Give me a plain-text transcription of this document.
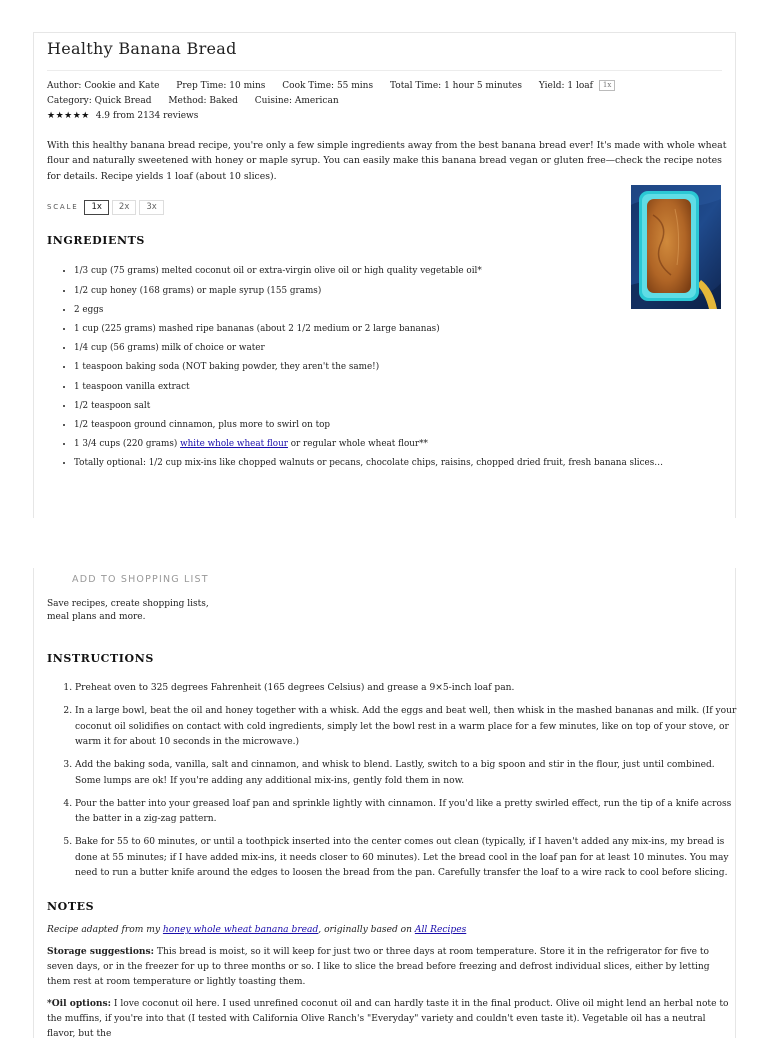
Healthy Banana Bread
Author: Cookie and Kate Prep Time: 10 mins Cook Time: 55 mins Total Time: 1 hour 5 minutes Yield: 1 loaf 1x
Category: Quick Bread Method: Baked Cuisine: American
★★★★★ 4.9 from 2134 reviews

With this healthy banana bread recipe, you're only a few simple ingredients away from the best banana bread ever! It's made with whole wheat flour and naturally sweetened with honey or maple syrup. You can easily make this banana bread vegan or gluten free—check the recipe notes for details. Recipe yields 1 loaf (about 10 slices).

SCALE	1x	2x	3x
INGREDIENTS
• 1/3 cup (75 grams) melted coconut oil or extra-virgin olive oil or high quality vegetable oil*
• 1/2 cup honey (168 grams) or maple syrup (155 grams)
• 2 eggs
• 1 cup (225 grams) mashed ripe bananas (about 2 1/2 medium or 2 large bananas)
• 1/4 cup (56 grams) milk of choice or water
• 1 teaspoon baking soda (NOT baking powder, they aren't the same!)
• 1 teaspoon vanilla extract
• 1/2 teaspoon salt
• 1/2 teaspoon ground cinnamon, plus more to swirl on top
• 1 3/4 cups (220 grams) white whole wheat flour or regular whole wheat flour**
• Totally optional: 1/2 cup mix-ins like chopped walnuts or pecans, chocolate chips, raisins, chopped dried fruit, fresh banana slices…
ADD TO SHOPPING LIST

Save recipes, create shopping lists,
meal plans and more.

INSTRUCTIONS
1. Preheat oven to 325 degrees Fahrenheit (165 degrees Celsius) and grease a 9×5-inch loaf pan.
2. In a large bowl, beat the oil and honey together with a whisk. Add the eggs and beat well, then whisk in the mashed bananas and milk. (If your coconut oil solidifies on contact with cold ingredients, simply let the bowl rest in a warm place for a few minutes, like on top of your stove, or warm it for about 10 seconds in the microwave.)
3. Add the baking soda, vanilla, salt and cinnamon, and whisk to blend. Lastly, switch to a big spoon and stir in the flour, just until combined. Some lumps are ok! If you're adding any additional mix-ins, gently fold them in now.
4. Pour the batter into your greased loaf pan and sprinkle lightly with cinnamon. If you'd like a pretty swirled effect, run the tip of a knife across the batter in a zig-zag pattern.
5. Bake for 55 to 60 minutes, or until a toothpick inserted into the center comes out clean (typically, if I haven't added any mix-ins, my bread is done at 55 minutes; if I have added mix-ins, it needs closer to 60 minutes). Let the bread cool in the loaf pan for at least 10 minutes. You may need to run a butter knife around the edges to loosen the bread from the pan. Carefully transfer the loaf to a wire rack to cool before slicing.
NOTES

Recipe adapted from my honey whole wheat banana bread, originally based on All Recipes

Storage suggestions: This bread is moist, so it will keep for just two or three days at room temperature. Store it in the refrigerator for five to seven days, or in the freezer for up to three months or so. I like to slice the bread before freezing and defrost individual slices, either by letting them rest at room temperature or lightly toasting them.

*Oil options: I love coconut oil here. I used unrefined coconut oil and can hardly taste it in the final product. Olive oil might lend an herbal note to the muffins, if you're into that (I tested with California Olive Ranch's "Everyday" variety and couldn't even taste it). Vegetable oil has a neutral flavor, but the
